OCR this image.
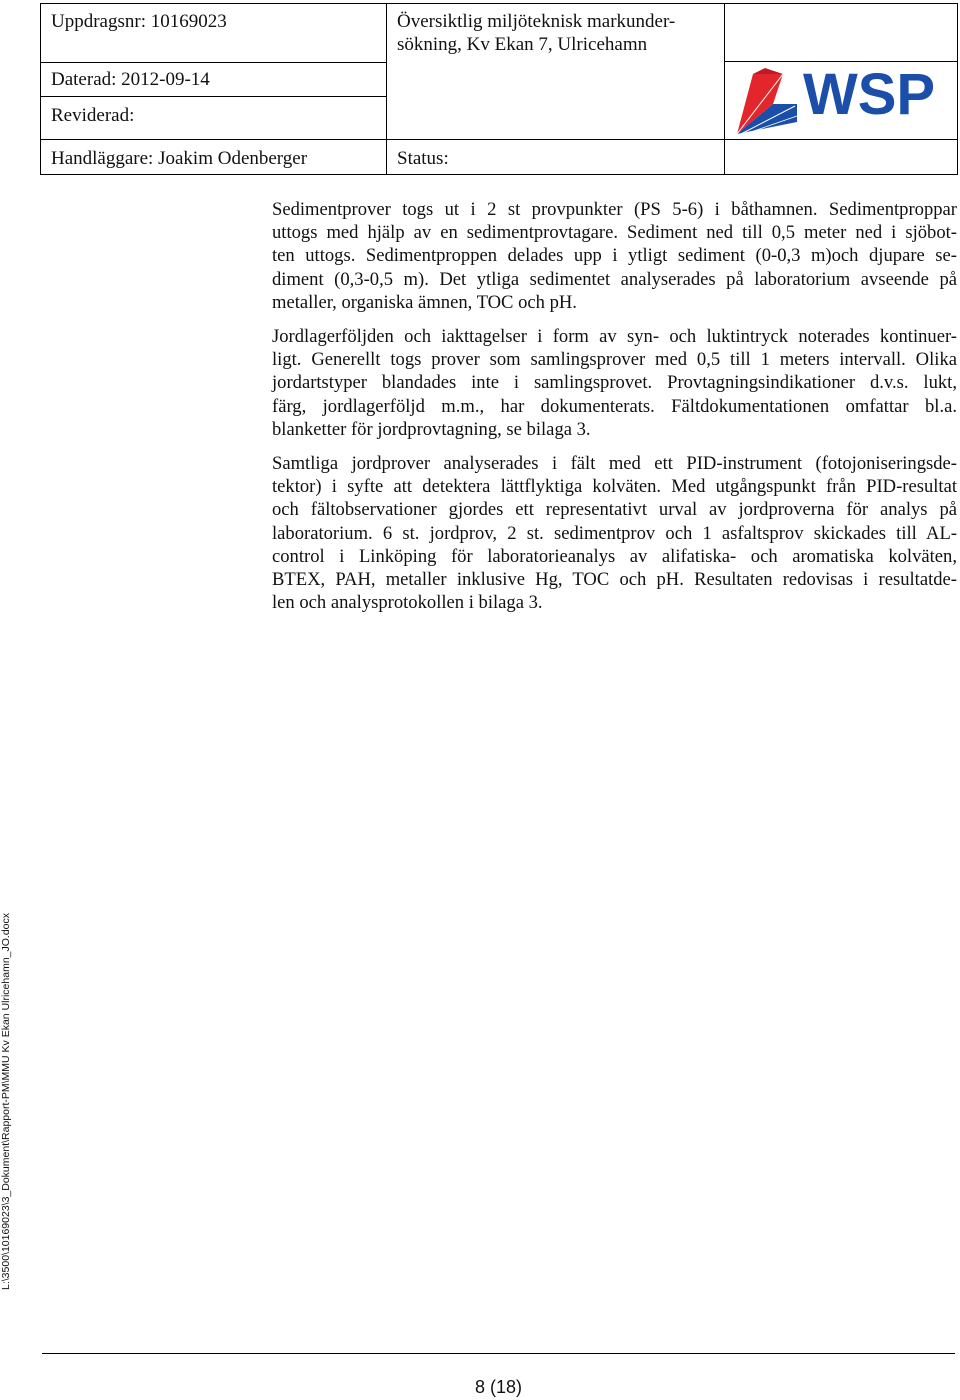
Uppdragsnr: 10169023
Daterad: 2012-09-14
Reviderad:
Handläggare: Joakim Odenberger
Översiktlig miljöteknisk markunder-
sökning, Kv Ekan 7, Ulricehamn
Status:
WSP

Sedimentprover togs ut i 2 st provpunkter (PS 5-6) i båthamnen. Sedimentproppar
uttogs med hjälp av en sedimentprovtagare. Sediment ned till 0,5 meter ned i sjöbot-
ten uttogs. Sedimentproppen delades upp i ytligt sediment (0-0,3 m)och djupare se-
diment (0,3-0,5 m). Det ytliga sedimentet analyserades på laboratorium avseende på
metaller, organiska ämnen, TOC och pH.

Jordlagerföljden och iakttagelser i form av syn- och luktintryck noterades kontinuer-
ligt. Generellt togs prover som samlingsprover med 0,5 till 1 meters intervall. Olika
jordartstyper blandades inte i samlingsprovet. Provtagningsindikationer d.v.s. lukt,
färg, jordlagerföljd m.m., har dokumenterats. Fältdokumentationen omfattar bl.a.
blanketter för jordprovtagning, se bilaga 3.

Samtliga jordprover analyserades i fält med ett PID-instrument (fotojoniseringsde-
tektor) i syfte att detektera lättflyktiga kolväten. Med utgångspunkt från PID-resultat
och fältobservationer gjordes ett representativt urval av jordproverna för analys på
laboratorium. 6 st. jordprov, 2 st. sedimentprov och 1 asfaltsprov skickades till AL-
control i Linköping för laboratorieanalys av alifatiska- och aromatiska kolväten,
BTEX, PAH, metaller inklusive Hg, TOC och pH. Resultaten redovisas i resultatde-
len och analysprotokollen i bilaga 3.

L:\3500\10169023\3_Dokument\Rapport-PM\MMU Kv Ekan Ulricehamn_JO.docx
8 (18)
